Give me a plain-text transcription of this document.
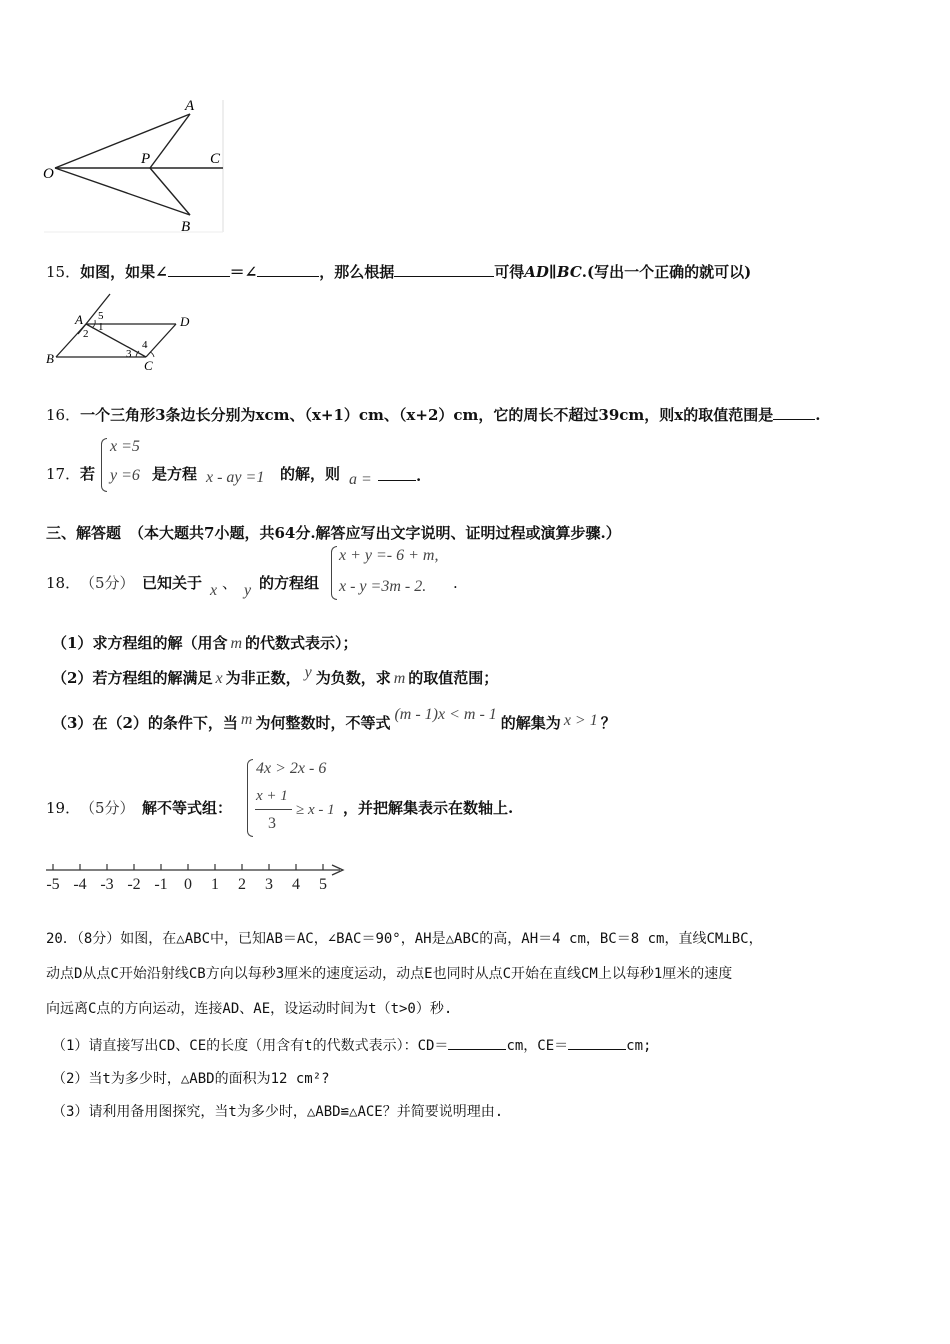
A
P	C
O
B
15．如图，如果∠	＝∠	，那么根据	可得AD∥BC.(写出一个正确的就可以)
A	D
B	C
5
1
2
3
4
16．一个三角形3条边长分别为xcm、（x+1）cm、（x+2）cm，它的周长不超过39cm，则x的取值范围是	.
17． 若
x =5
y =6 是方程 x - ay =1 的解，则 a =	.
三、解答题 （本大题共7小题，共64分.解答应写出文字说明、证明过程或演算步骤.）
18． （5分） 已知关于 x 、 y 的方程组
x + y =- 6 + m,
x - y =3m - 2. ·
（1）求方程组的解（用含 m 的代数式表示）；
（2）若方程组的解满足 x 为非正数， y 为负数，求 m 的取值范围；
（3）在（2）的条件下，当 m 为何整数时，不等式 (m - 1)x < m - 1 的解集为 x > 1 ？
19． （5分） 解不等式组：
4x > 2x - 6
x + 1
3
≥ x - 1 ，并把解集表示在数轴上.
-5 -4 -3 -2 -1 0 1 2 3 4 5
20．（8分）如图，在△ABC中，已知AB＝AC，∠BAC＝90°，AH是△ABC的高，AH＝4 cm，BC＝8 cm，直线CM⊥BC，
动点D从点C开始沿射线CB方向以每秒3厘米的速度运动，动点E也同时从点C开始在直线CM上以每秒1厘米的速度
向远离C点的方向运动，连接AD、AE，设运动时间为t（t>0）秒.
（1）请直接写出CD、CE的长度（用含有t的代数式表示）：CD＝	cm，CE＝	cm;
（2）当t为多少时，△ABD的面积为12 cm²?
（3）请利用备用图探究，当t为多少时，△ABD≌△ACE？并简要说明理由.
